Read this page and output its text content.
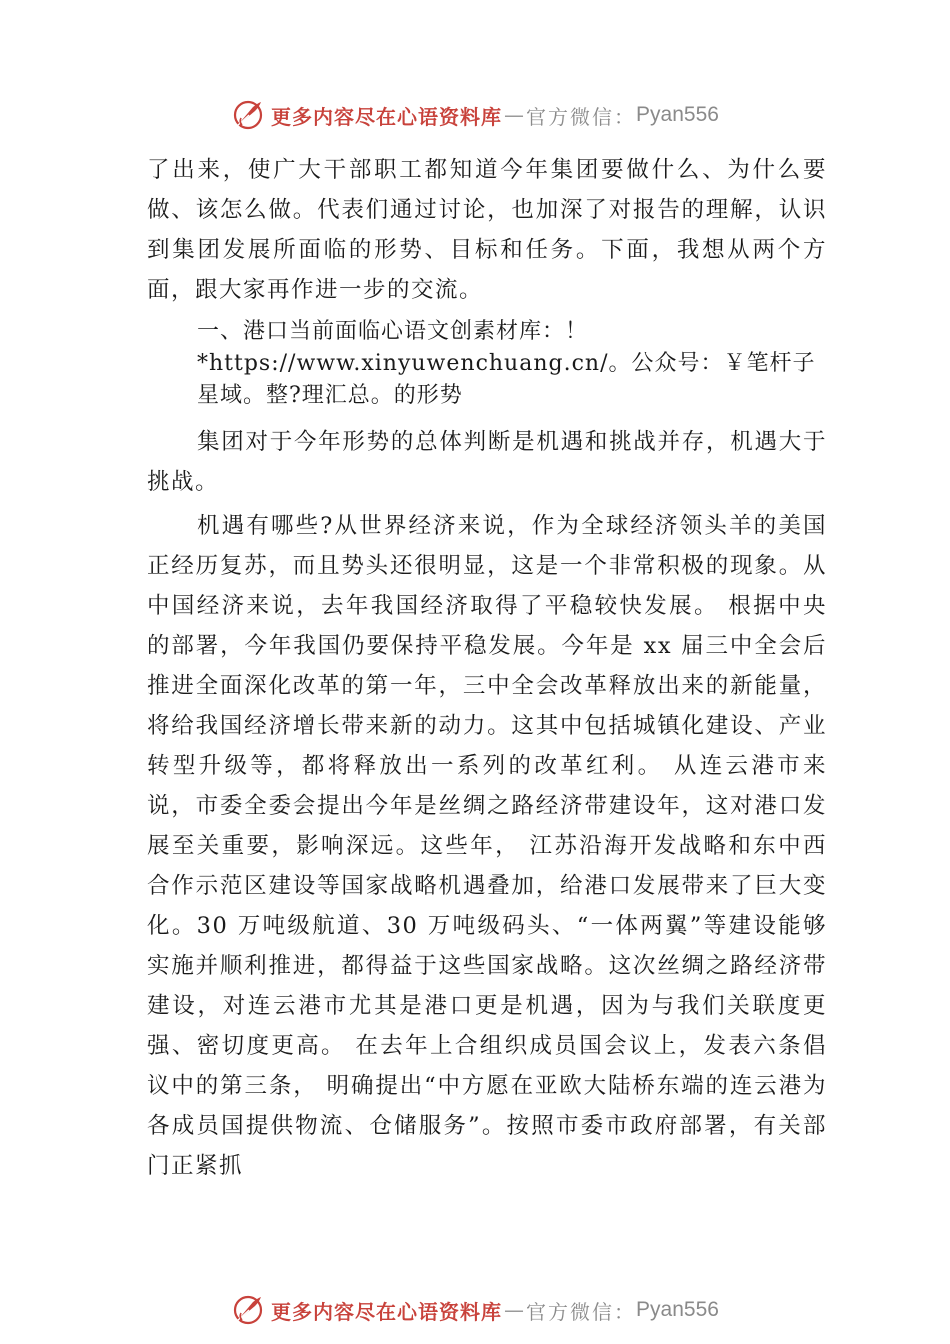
更多内容尽在心语资料库 — 官方微信： Pyan556

了出来，使广大干部职工都知道今年集团要做什么、为什么要做、该怎么做。代表们通过讨论，也加深了对报告的理解，认识到集团发展所面临的形势、目标和任务。下面，我想从两个方面，跟大家再作进一步的交流。

一、港口当前面临心语文创素材库：！*https://www.xinyuwenchuang.cn/。公众号：￥笔杆子星域。整?理汇总。的形势

集团对于今年形势的总体判断是机遇和挑战并存，机遇大于挑战。

机遇有哪些?从世界经济来说，作为全球经济领头羊的美国正经历复苏，而且势头还很明显，这是一个非常积极的现象。从中国经济来说，去年我国经济取得了平稳较快发展。 根据中央的部署，今年我国仍要保持平稳发展。今年是 xx 届三中全会后推进全面深化改革的第一年，三中全会改革释放出来的新能量，将给我国经济增长带来新的动力。这其中包括城镇化建设、产业转型升级等，都将释放出一系列的改革红利。 从连云港市来说，市委全委会提出今年是丝绸之路经济带建设年，这对港口发展至关重要，影响深远。这些年， 江苏沿海开发战略和东中西合作示范区建设等国家战略机遇叠加，给港口发展带来了巨大变化。30 万吨级航道、30 万吨级码头、“一体两翼”等建设能够实施并顺利推进，都得益于这些国家战略。这次丝绸之路经济带建设，对连云港市尤其是港口更是机遇，因为与我们关联度更强、密切度更高。 在去年上合组织成员国会议上，发表六条倡议中的第三条， 明确提出“中方愿在亚欧大陆桥东端的连云港为各成员国提供物流、仓储服务”。按照市委市政府部署，有关部门正紧抓

更多内容尽在心语资料库 — 官方微信： Pyan556
